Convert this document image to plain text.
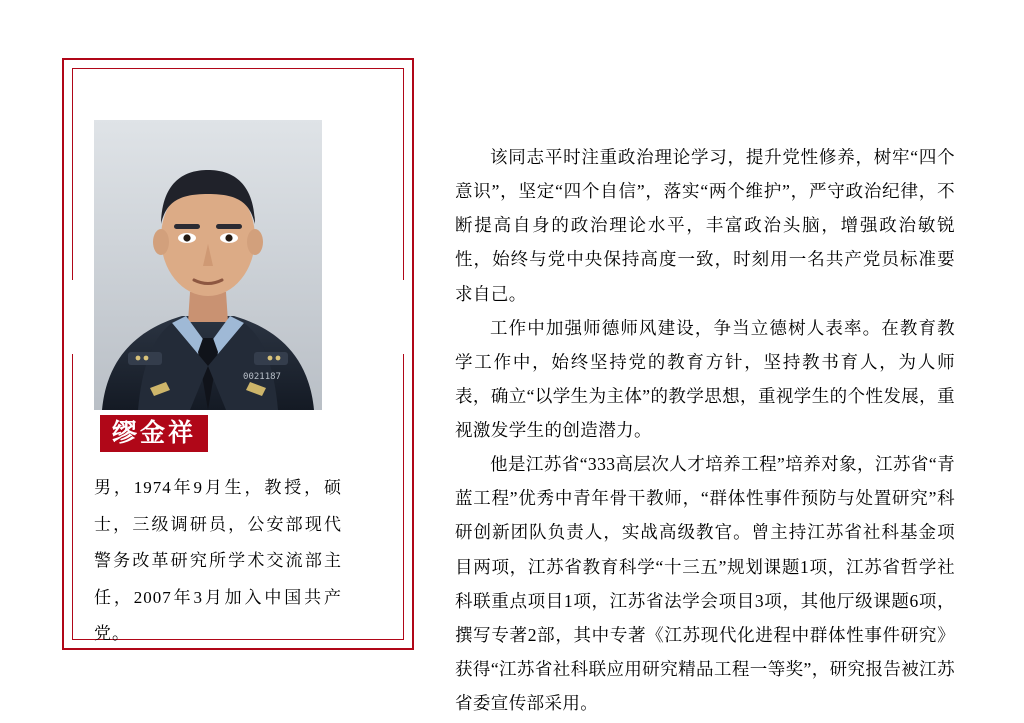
0021187
缪金祥
男，1974年9月生，教授，硕士，三级调研员，公安部现代警务改革研究所学术交流部主任，2007年3月加入中国共产党。

该同志平时注重政治理论学习，提升党性修养，树牢“四个意识”，坚定“四个自信”，落实“两个维护”，严守政治纪律，不断提高自身的政治理论水平，丰富政治头脑，增强政治敏锐性，始终与党中央保持高度一致，时刻用一名共产党员标准要求自己。

工作中加强师德师风建设，争当立德树人表率。在教育教学工作中，始终坚持党的教育方针，坚持教书育人，为人师表，确立“以学生为主体”的教学思想，重视学生的个性发展，重视激发学生的创造潜力。

他是江苏省“333高层次人才培养工程”培养对象，江苏省“青蓝工程”优秀中青年骨干教师，“群体性事件预防与处置研究”科研创新团队负责人，实战高级教官。曾主持江苏省社科基金项目两项，江苏省教育科学“十三五”规划课题1项，江苏省哲学社科联重点项目1项，江苏省法学会项目3项，其他厅级课题6项，撰写专著2部，其中专著《江苏现代化进程中群体性事件研究》获得“江苏省社科联应用研究精品工程一等奖”，研究报告被江苏省委宣传部采用。
